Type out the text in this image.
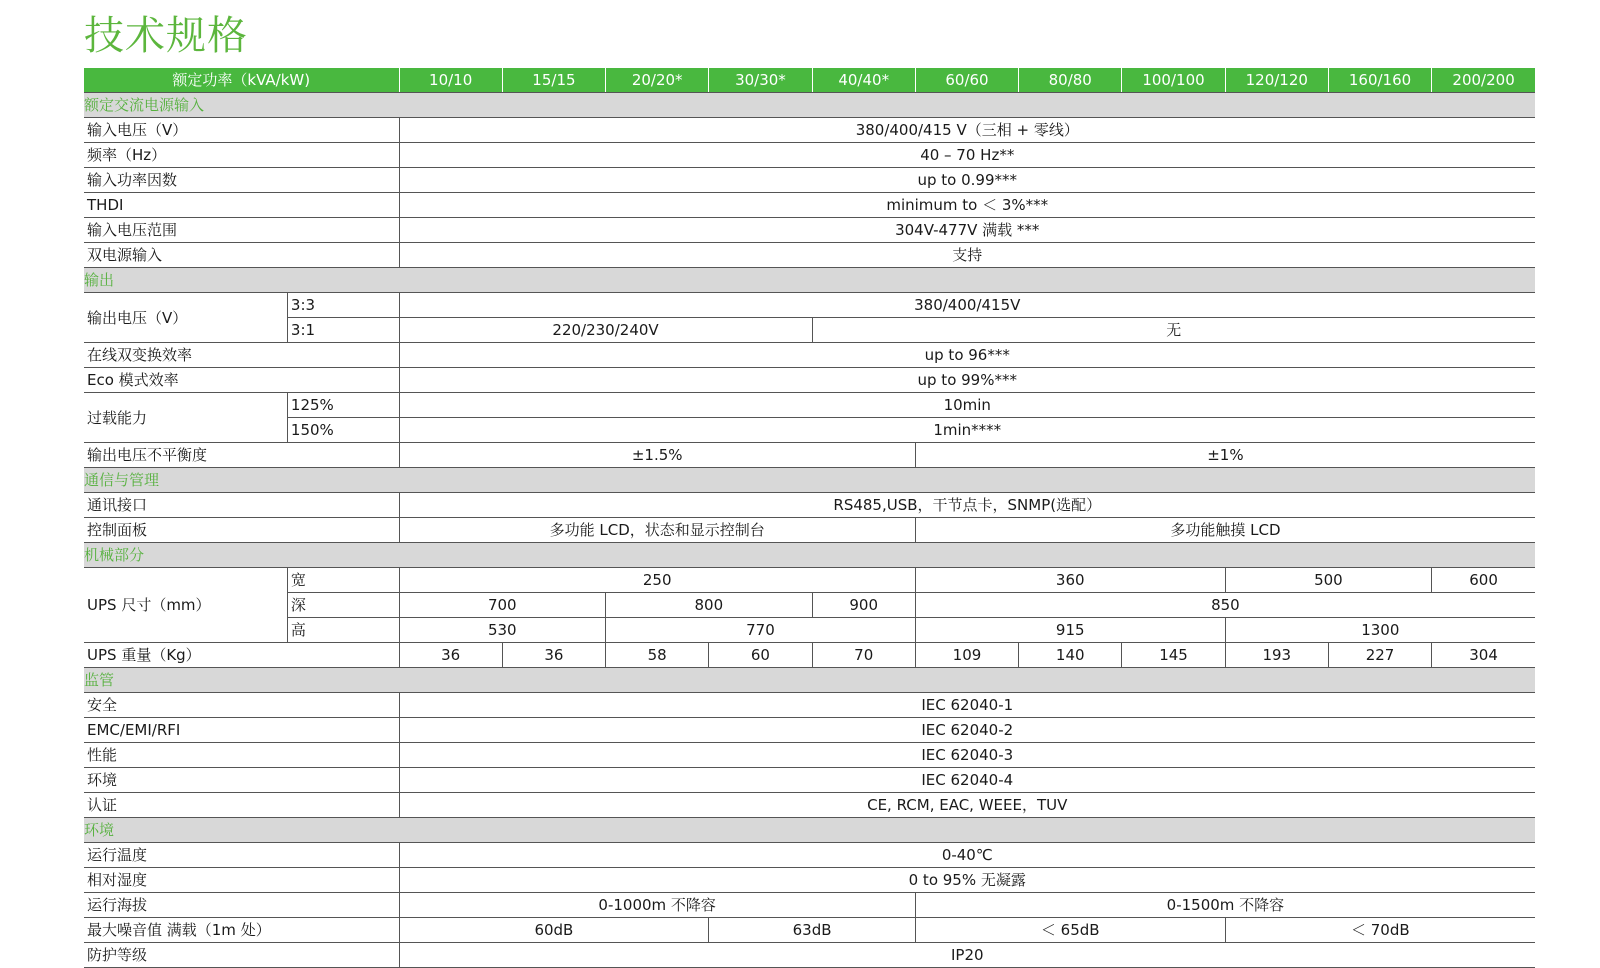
技术规格
额定功率（kVA/kW)		10/10	15/15	20/20*	30/30*	40/40*	60/60	80/80	100/100	120/120	160/160	200/200
额定交流电源输入												
输入电压（V）		380/400/415 V（三相 + 零线）										
频率（Hz）		40 – 70 Hz**										
输入功率因数		up to 0.99***										
THDI		minimum to ＜ 3%***										
输入电压范围		304V-477V 满载 ***										
双电源输入		支持										
输出												
输出电压（V）	3:3	380/400/415V										
	3:1	220/230/240V				无						
在线双变换效率		up to 96***										
Eco 模式效率		up to 99%***										
过载能力	125%	10min										
	150%	1min****										
输出电压不平衡度		±1.5%					±1%					
通信与管理												
通讯接口		RS485,USB，干节点卡，SNMP(选配）										
控制面板		多功能 LCD，状态和显示控制台					多功能触摸 LCD					
机械部分												
UPS 尺寸（mm）	宽	250					360			500		600
	深	700		800		900	850					
	高	530		770			915			1300		
UPS 重量（Kg）		36	36	58	60	70	109	140	145	193	227	304
监管												
安全		IEC 62040-1										
EMC/EMI/RFI		IEC 62040-2										
性能		IEC 62040-3										
环境		IEC 62040-4										
认证		CE, RCM, EAC, WEEE，TUV										
环境												
运行温度		0-40℃										
相对湿度		0 to 95% 无凝露										
运行海拔		0-1000m 不降容					0-1500m 不降容					
最大噪音值 满载（1m 处）		60dB			63dB		＜ 65dB			＜ 70dB		
防护等级		IP20										
